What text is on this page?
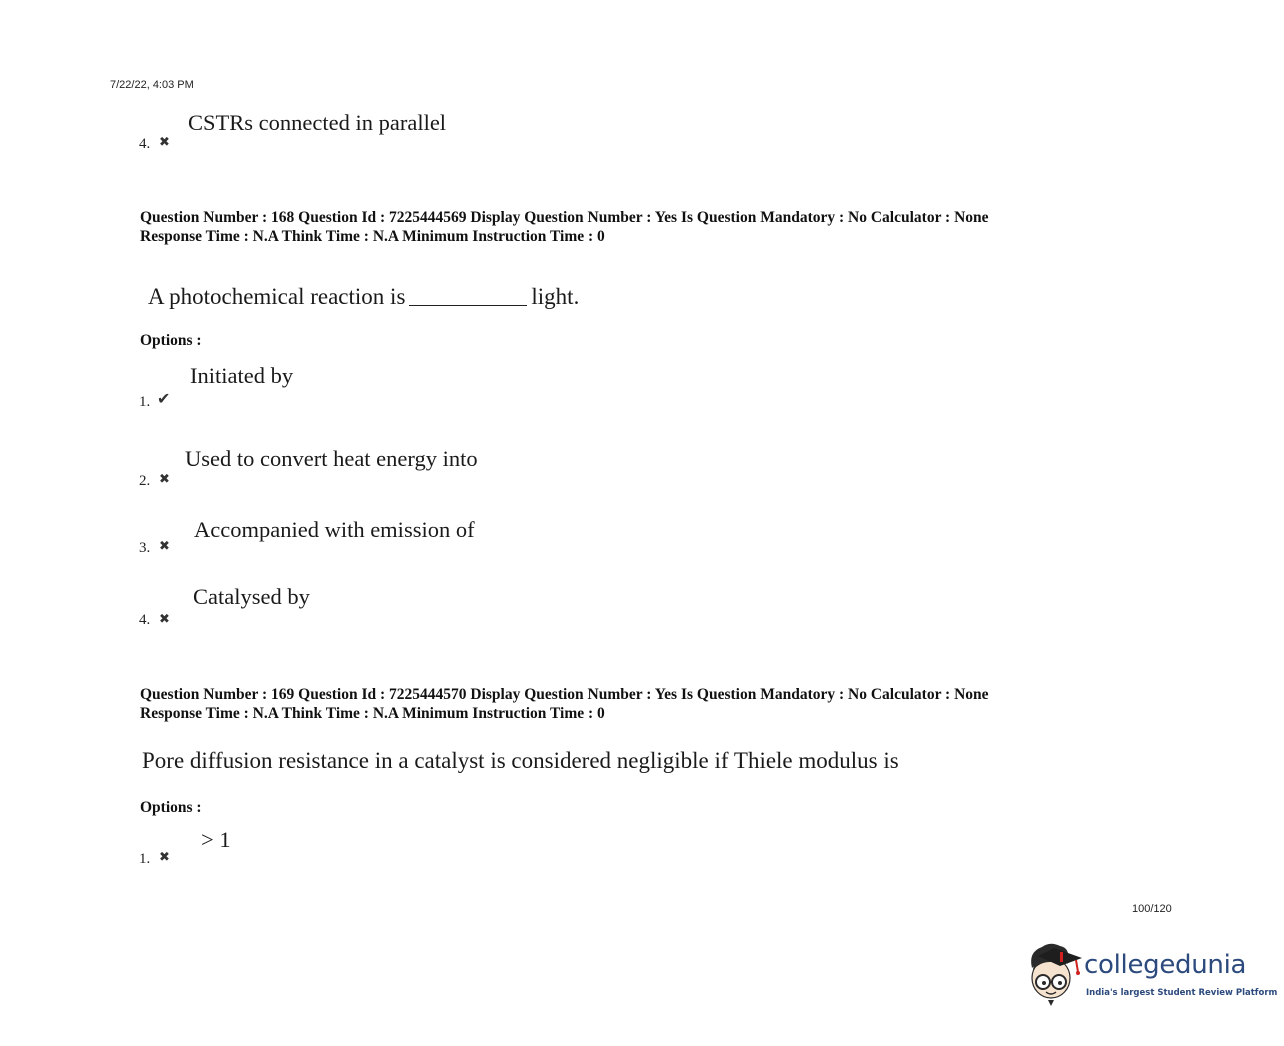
7/22/22, 4:03 PM
CSTRs connected in parallel
4. ✖
Question Number : 168 Question Id : 7225444569 Display Question Number : Yes Is Question Mandatory : No Calculator : None
Response Time : N.A Think Time : N.A Minimum Instruction Time : 0
A photochemical reaction is	light.
Options :
Initiated by
1. ✔
Used to convert heat energy into
2. ✖
Accompanied with emission of
3. ✖
Catalysed by
4. ✖
Question Number : 169 Question Id : 7225444570 Display Question Number : Yes Is Question Mandatory : No Calculator : None
Response Time : N.A Think Time : N.A Minimum Instruction Time : 0
Pore diffusion resistance in a catalyst is considered negligible if Thiele modulus is
Options :
> 1
1. ✖
100/120
collegedunia
India's largest Student Review Platform
